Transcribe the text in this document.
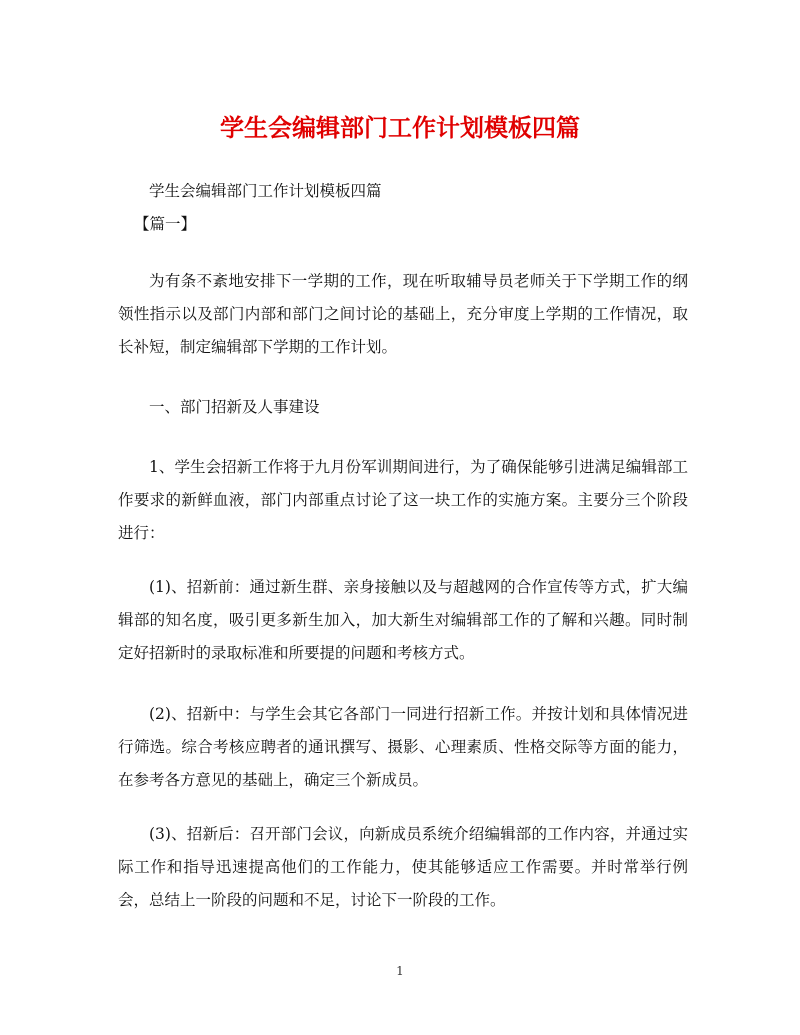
学生会编辑部门工作计划模板四篇

学生会编辑部门工作计划模板四篇

【篇一】

为有条不紊地安排下一学期的工作，现在听取辅导员老师关于下学期工作的纲领性指示以及部门内部和部门之间讨论的基础上，充分审度上学期的工作情况，取长补短，制定编辑部下学期的工作计划。

一、部门招新及人事建设

1、学生会招新工作将于九月份军训期间进行，为了确保能够引进满足编辑部工作要求的新鲜血液，部门内部重点讨论了这一块工作的实施方案。主要分三个阶段进行：

(1)、招新前：通过新生群、亲身接触以及与超越网的合作宣传等方式，扩大编辑部的知名度，吸引更多新生加入，加大新生对编辑部工作的了解和兴趣。同时制定好招新时的录取标准和所要提的问题和考核方式。

(2)、招新中：与学生会其它各部门一同进行招新工作。并按计划和具体情况进行筛选。综合考核应聘者的通讯撰写、摄影、心理素质、性格交际等方面的能力，在参考各方意见的基础上，确定三个新成员。

(3)、招新后：召开部门会议，向新成员系统介绍编辑部的工作内容，并通过实际工作和指导迅速提高他们的工作能力，使其能够适应工作需要。并时常举行例会，总结上一阶段的问题和不足，讨论下一阶段的工作。

1
